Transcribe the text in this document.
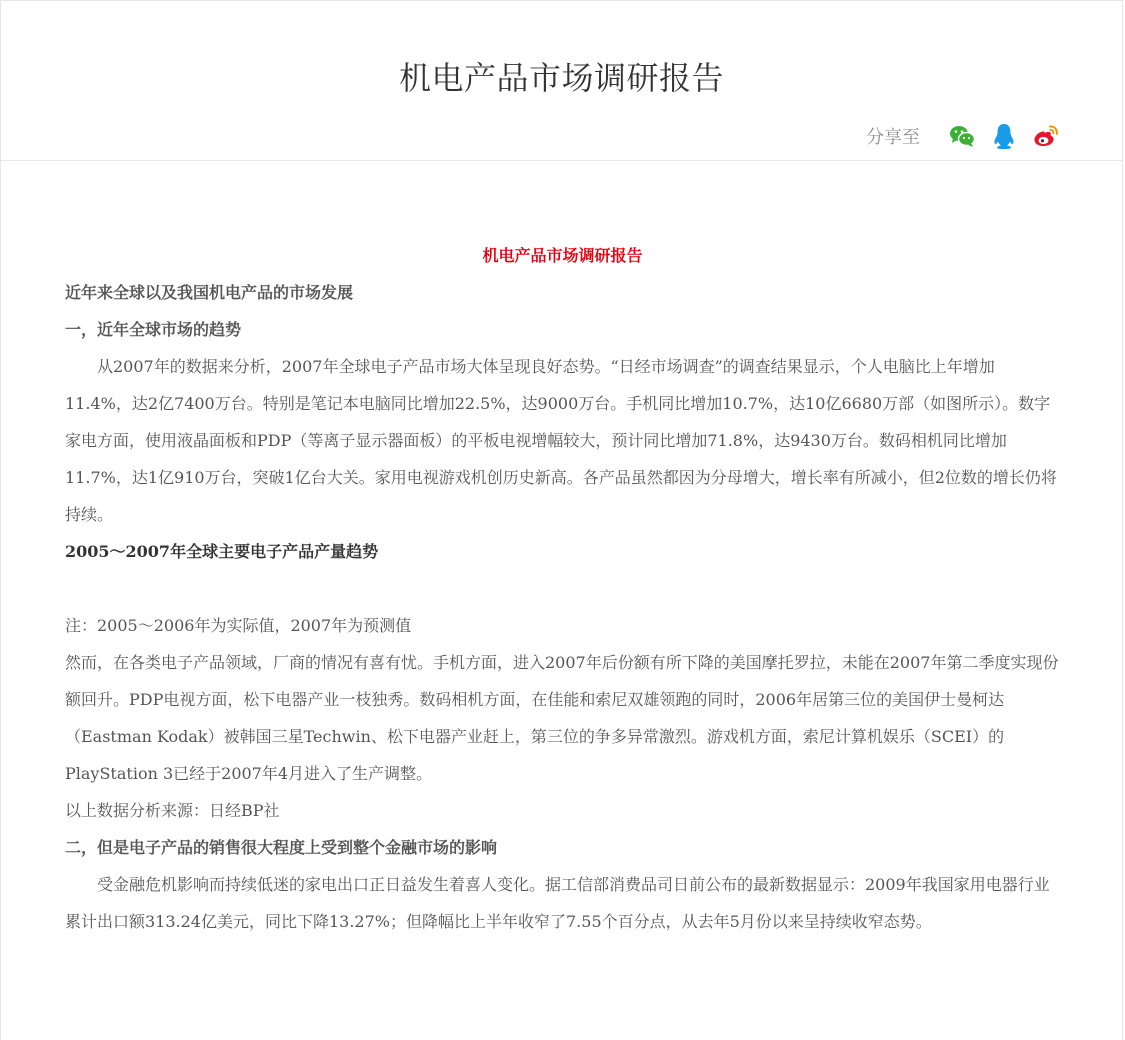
机电产品市场调研报告
分享至

机电产品市场调研报告

近年来全球以及我国机电产品的市场发展

一，近年全球市场的趋势

从2007年的数据来分析，2007年全球电子产品市场大体呈现良好态势。“日经市场调查”的调查结果显示，个人电脑比上年增加11.4%，达2亿7400万台。特别是笔记本电脑同比增加22.5%，达9000万台。手机同比增加10.7%，达10亿6680万部（如图所示）。数字家电方面，使用液晶面板和PDP（等离子显示器面板）的平板电视增幅较大，预计同比增加71.8%，达9430万台。数码相机同比增加11.7%，达1亿910万台，突破1亿台大关。家用电视游戏机创历史新高。各产品虽然都因为分母增大，增长率有所减小，但2位数的增长仍将持续。

2005～2007年全球主要电子产品产量趋势

注：2005～2006年为实际值，2007年为预测值

然而，在各类电子产品领域，厂商的情况有喜有忧。手机方面，进入2007年后份额有所下降的美国摩托罗拉，未能在2007年第二季度实现份额回升。PDP电视方面，松下电器产业一枝独秀。数码相机方面，在佳能和索尼双雄领跑的同时，2006年居第三位的美国伊士曼柯达（Eastman Kodak）被韩国三星Techwin、松下电器产业赶上，第三位的争多异常激烈。游戏机方面，索尼计算机娱乐（SCEI）的PlayStation 3已经于2007年4月进入了生产调整。

以上数据分析来源：日经BP社

二，但是电子产品的销售很大程度上受到整个金融市场的影响

受金融危机影响而持续低迷的家电出口正日益发生着喜人变化。据工信部消费品司日前公布的最新数据显示：2009年我国家用电器行业累计出口额313.24亿美元，同比下降13.27%；但降幅比上半年收窄了7.55个百分点，从去年5月份以来呈持续收窄态势。
